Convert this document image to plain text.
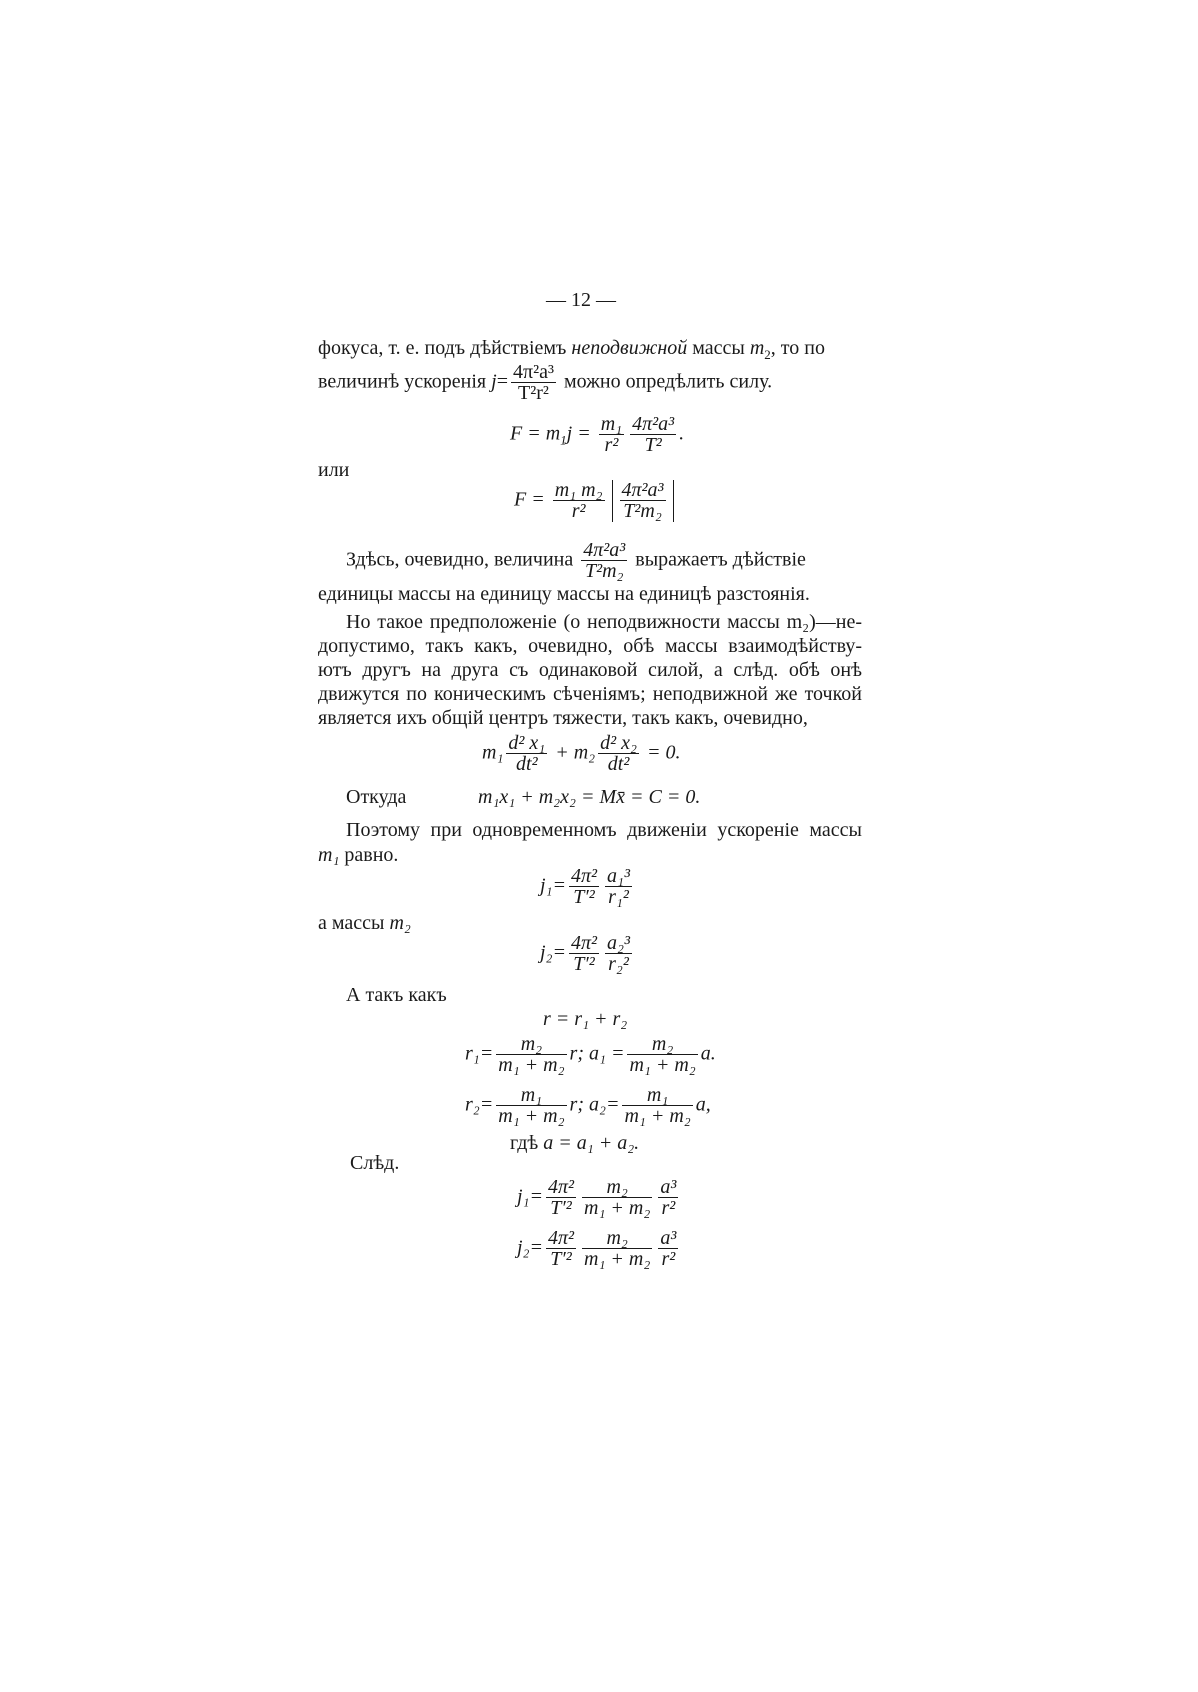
— 12 —
фокуса, т. е. подъ дѣйствіемъ неподвижной массы $m_2$, то по
величинѣ ускоренія $j= \frac{\text{4π²a³}}{\text{T²r²}}$ можно опредѣлить силу.
$F = m_1j = \frac{\text{m₁}}{\text{r²}} \frac{\text{4π²a³}}{\text{T²}}$ .
или
$F = \frac{\text{m₁ m₂}}{\text{r²}} \frac{\text{4π²a³}}{\text{T²m₂}}$
Здѣсь, очевидно, величина $\frac{\text{4π²a³}}{\text{T²m₂}}$ выражаетъ дѣйствіе
единицы массы на единицу массы на единицѣ разстоянія.
Но такое предположеніе (о неподвижности массы m₂)—не-
допустимо, такъ какъ, очевидно, обѣ массы взаимодѣйству-
ютъ другъ на друга съ одинаковой силой, а слѣд. обѣ онѣ
движутся по коническимъ сѣченіямъ; неподвижной же точкой
является ихъ общій центръ тяжести, такъ какъ, очевидно,
$m_1 \frac{\text{d² x₁}}{\text{dt²}} + m_2 \frac{\text{d² x₂}}{\text{dt²}} = 0$.
Откуда	m₁x₁ + m₂x₂ = Mx̄ = C = 0.
Поэтому при одновременномъ движеніи ускореніе массы
m₁ равно.
$j_1= \frac{\text{4π²}}{\text{T′²}} \frac{\text{a₁³}}{\text{r₁²}}$
а массы m₂
$j_2= \frac{\text{4π²}}{\text{T′²}} \frac{\text{a₂³}}{\text{r₂²}}$
А такъ какъ
r = r₁ + r₂
$r_1= \frac{\text{m₂}}{\text{m₁ + m₂}} r$; $a_1 = \frac{\text{m₂}}{\text{m₁ + m₂}} a$.
$r_2= \frac{\text{m₁}}{\text{m₁ + m₂}} r$; $a_2= \frac{\text{m₁}}{\text{m₁ + m₂}} a$,
гдѣ a = a₁ + a₂.
Слѣд.
$j_1= \frac{\text{4π²}}{\text{T′²}} \frac{\text{m₂}}{\text{m₁ + m₂}} \frac{\text{a³}}{\text{r²}}$
$j_2= \frac{\text{4π²}}{\text{T′²}} \frac{\text{m₂}}{\text{m₁ + m₂}} \frac{\text{a³}}{\text{r²}}$
